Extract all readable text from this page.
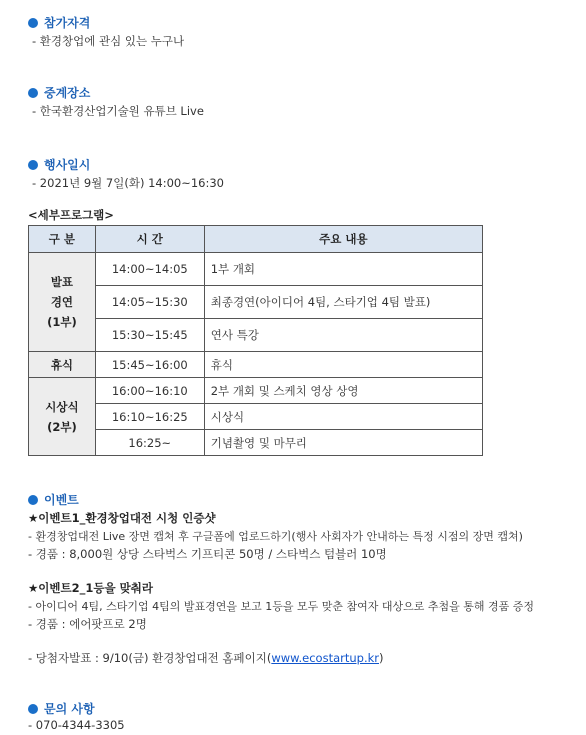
참가자격
- 환경창업에 관심 있는 누구나
중계장소
- 한국환경산업기술원 유튜브 Live
행사일시
- 2021년 9월 7일(화) 14:00~16:30
<세부프로그램>
구 분	시 간	주요 내용
발표
경연
(1부)	14:00~14:05	1부 개회
	14:05~15:30	최종경연(아이디어 4팀, 스타기업 4팀 발표)
	15:30~15:45	연사 특강
휴식	15:45~16:00	휴식
시상식
(2부)	16:00~16:10	2부 개회 및 스케치 영상 상영
	16:10~16:25	시상식
	16:25~	기념촬영 및 마무리
이벤트
★이벤트1_환경창업대전 시청 인증샷
- 환경창업대전 Live 장면 캡쳐 후 구글폼에 업로드하기(행사 사회자가 안내하는 특정 시점의 장면 캡쳐)
- 경품 : 8,000원 상당 스타벅스 기프티콘 50명 / 스타벅스 텀블러 10명
★이벤트2_1등을 맞춰라
- 아이디어 4팀, 스타기업 4팀의 발표경연을 보고 1등을 모두 맞춘 참여자 대상으로 추첨을 통해 경품 증정
- 경품 : 에어팟프로 2명
- 당첨자발표 : 9/10(금) 환경창업대전 홈페이지(www.ecostartup.kr)
문의 사항
- 070-4344-3305
